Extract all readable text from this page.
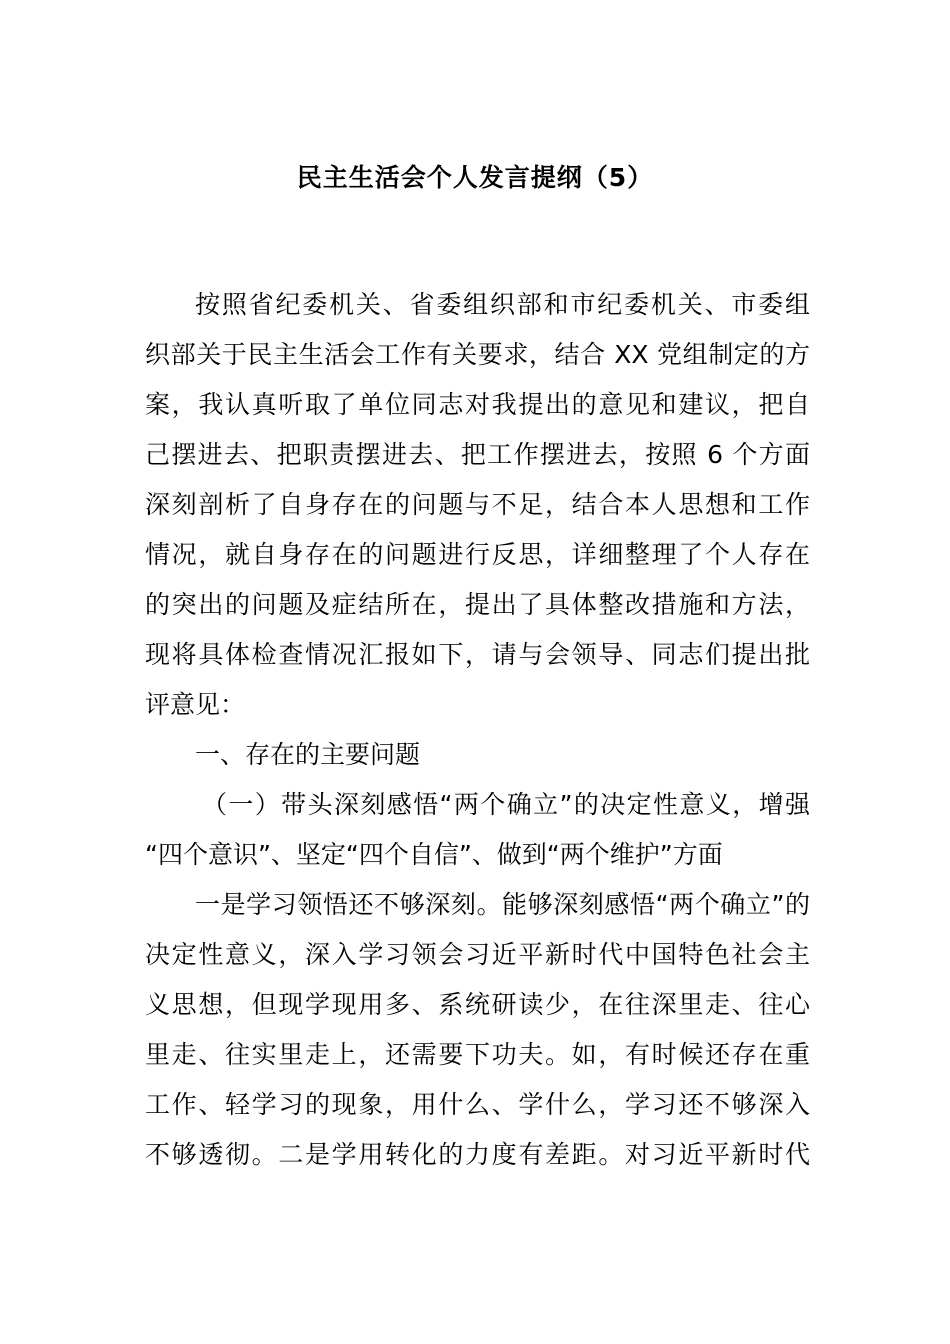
民主生活会个人发言提纲（5）
按照省纪委机关、省委组织部和市纪委机关、市委组
织部关于民主生活会工作有关要求，结合 XX 党组制定的方
案，我认真听取了单位同志对我提出的意见和建议，把自
己摆进去、把职责摆进去、把工作摆进去，按照 6 个方面
深刻剖析了自身存在的问题与不足，结合本人思想和工作
情况，就自身存在的问题进行反思，详细整理了个人存在
的突出的问题及症结所在，提出了具体整改措施和方法，
现将具体检查情况汇报如下，请与会领导、同志们提出批
评意见：
一、存在的主要问题
（一）带头深刻感悟“两个确立”的决定性意义，增强
“四个意识”、坚定“四个自信”、做到“两个维护”方面
一是学习领悟还不够深刻。能够深刻感悟“两个确立”的
决定性意义，深入学习领会习近平新时代中国特色社会主
义思想，但现学现用多、系统研读少，在往深里走、往心
里走、往实里走上，还需要下功夫。如，有时候还存在重
工作、轻学习的现象，用什么、学什么，学习还不够深入
不够透彻。二是学用转化的力度有差距。对习近平新时代
